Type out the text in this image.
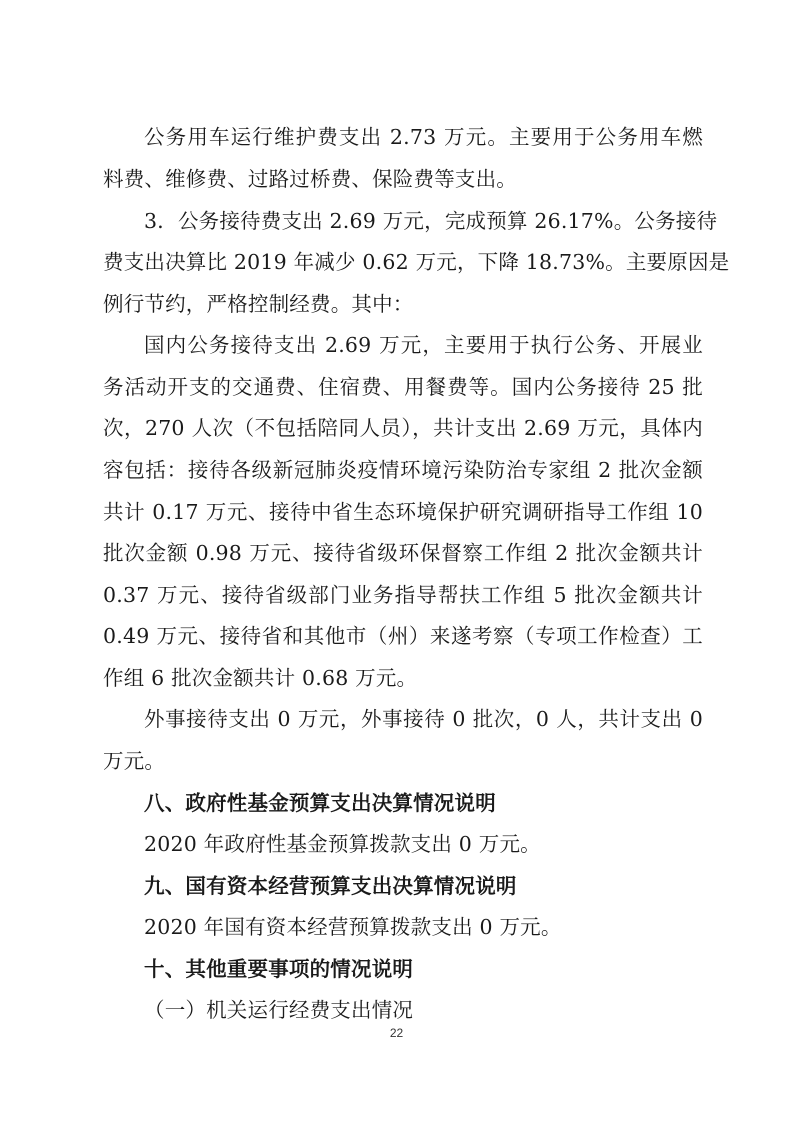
公务用车运行维护费支出 2.73 万元。主要用于公务用车燃
料费、维修费、过路过桥费、保险费等支出。
3．公务接待费支出 2.69 万元，完成预算 26.17%。公务接待
费支出决算比 2019 年减少 0.62 万元，下降 18.73%。主要原因是
例行节约，严格控制经费。其中：
国内公务接待支出 2.69 万元，主要用于执行公务、开展业
务活动开支的交通费、住宿费、用餐费等。国内公务接待 25 批
次，270 人次（不包括陪同人员），共计支出 2.69 万元，具体内
容包括：接待各级新冠肺炎疫情环境污染防治专家组 2 批次金额
共计 0.17 万元、接待中省生态环境保护研究调研指导工作组 10
批次金额 0.98 万元、接待省级环保督察工作组 2 批次金额共计
0.37 万元、接待省级部门业务指导帮扶工作组 5 批次金额共计
0.49 万元、接待省和其他市（州）来遂考察（专项工作检查）工
作组 6 批次金额共计 0.68 万元。
外事接待支出 0 万元，外事接待 0 批次，0 人，共计支出 0
万元。
八、政府性基金预算支出决算情况说明
2020 年政府性基金预算拨款支出 0 万元。
九、国有资本经营预算支出决算情况说明
2020 年国有资本经营预算拨款支出 0 万元。
十、其他重要事项的情况说明
（一）机关运行经费支出情况
22
